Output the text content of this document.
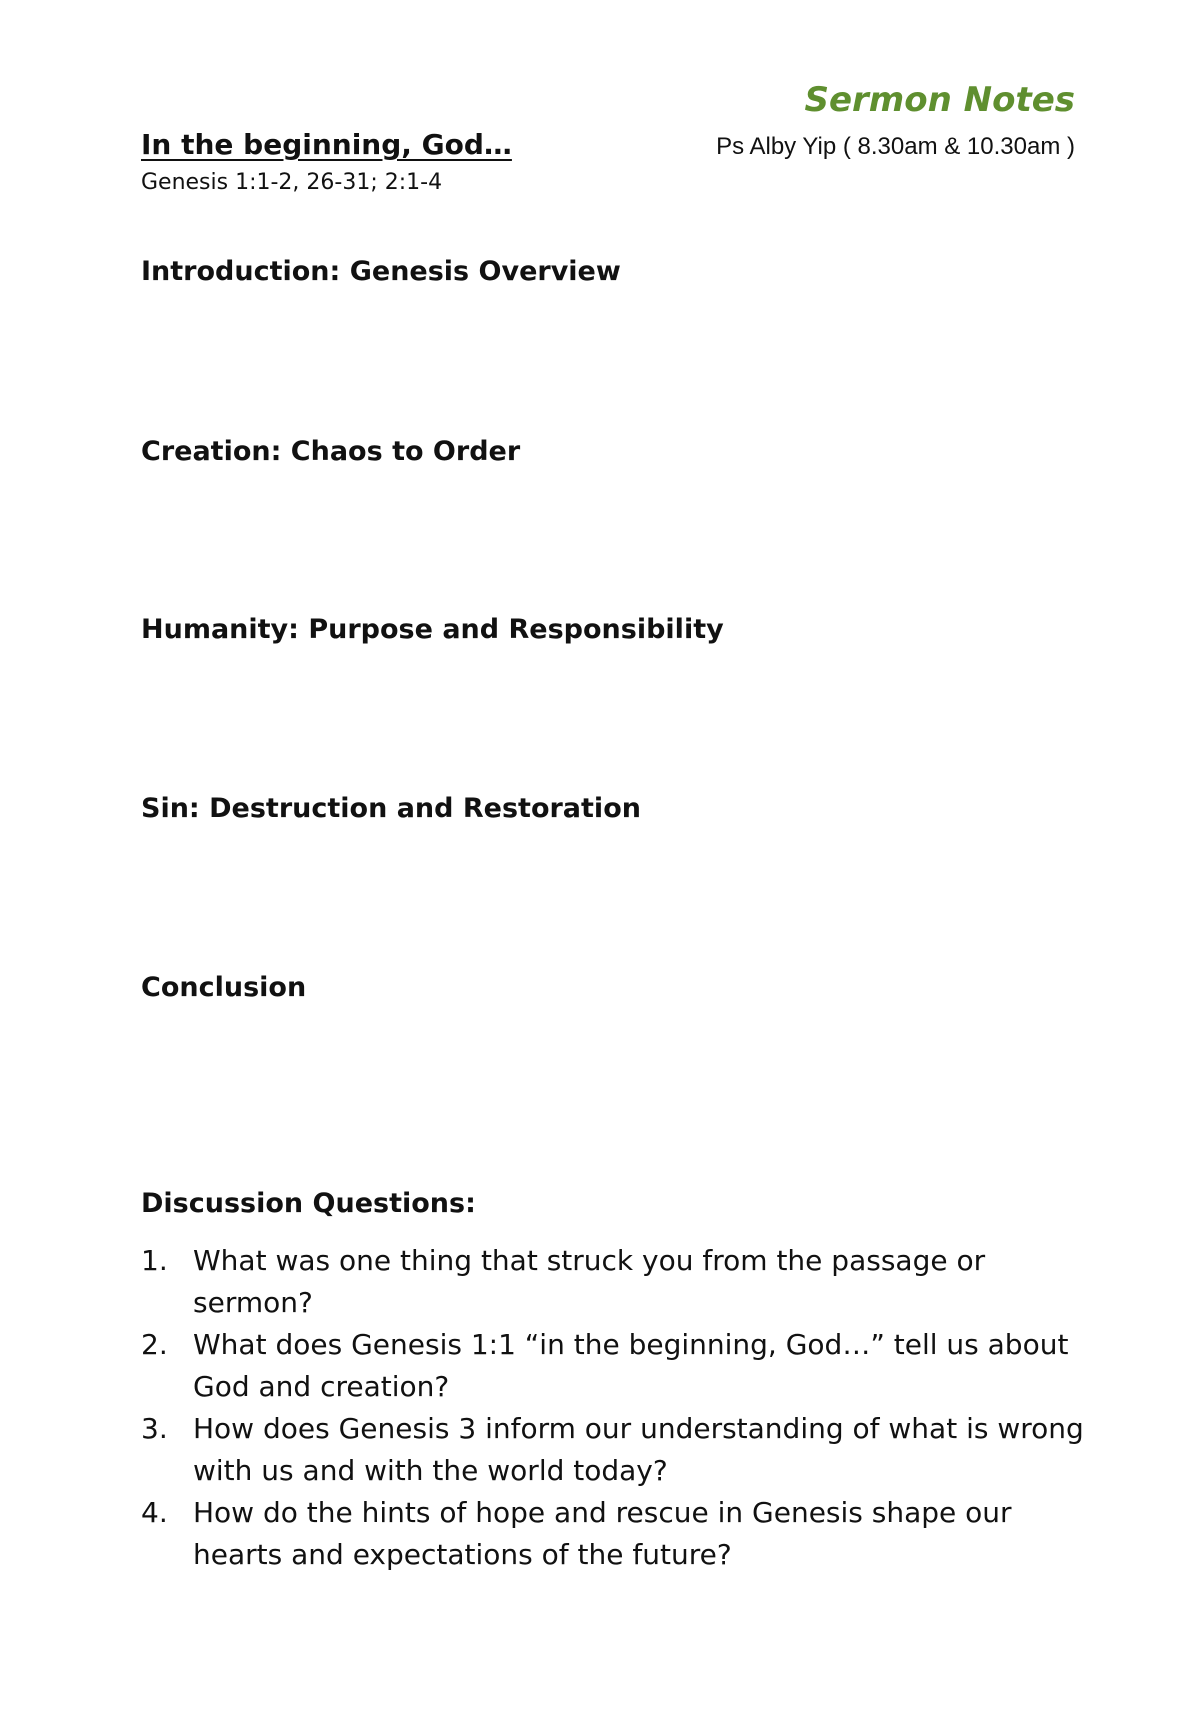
Sermon Notes
In the beginning, God…	Ps Alby Yip ( 8.30am & 10.30am )
Genesis 1:1-2, 26-31; 2:1-4
Introduction: Genesis Overview
Creation: Chaos to Order
Humanity: Purpose and Responsibility
Sin: Destruction and Restoration
Conclusion
Discussion Questions:
1. What was one thing that struck you from the passage or sermon?
2. What does Genesis 1:1 “in the beginning, God…” tell us about God and creation?
3. How does Genesis 3 inform our understanding of what is wrong with us and with the world today?
4. How do the hints of hope and rescue in Genesis shape our hearts and expectations of the future?
